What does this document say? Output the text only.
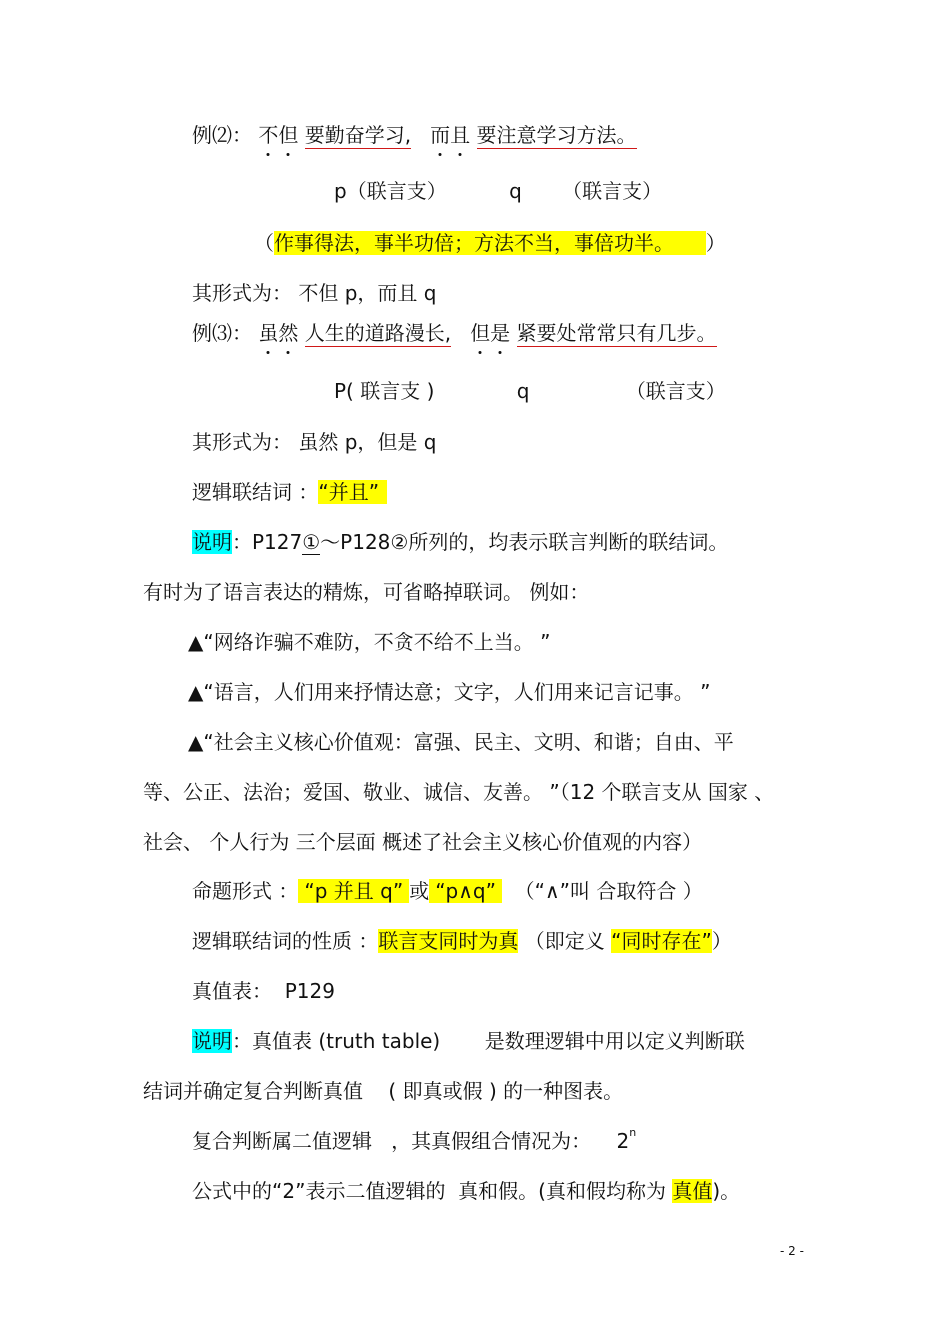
例⑵： 不但 要勤奋学习, 而且 要注意学习方法。
p（联言支）	q （联言支）
（作事得法，事半功倍；方法不当，事倍功半。 ）
其形式为： 不但 p，而且 q
例⑶： 虽然 人生的道路漫长, 但是 紧要处常常只有几步。
P( 联言支 )	q	（联言支）
其形式为： 虽然 p，但是 q
逻辑联结词 ：“并且”
说明：P127①～P128②所列的，均表示联言判断的联结词。
有时为了语言表达的精炼，可省略掉联词。 例如：
▲“网络诈骗不难防，不贪不给不上当。 ”
▲“语言，人们用来抒情达意；文字，人们用来记言记事。 ”
▲“社会主义核心价值观：富强、民主、文明、和谐；自由、平
等、公正、法治；爱国、敬业、诚信、友善。 ”（12 个联言支从 国家 、
社会、 个人行为 三个层面 概述了社会主义核心价值观的内容）
命题形式 ： “p 并且 q” 或 “p∧q”  （“∧”叫 合取符合 ）
逻辑联结词的性质 ：联言支同时为真 （即定义 “同时存在”）
真值表：  P129
说明：真值表 (truth table)       是数理逻辑中用以定义判断联
结词并确定复合判断真值    ( 即真或假 ) 的一种图表。
复合判断属二值逻辑   ，其真假组合情况为：    2$^n$
公式中的“2”表示二值逻辑的  真和假。(真和假均称为 真值)。
- 2 -
